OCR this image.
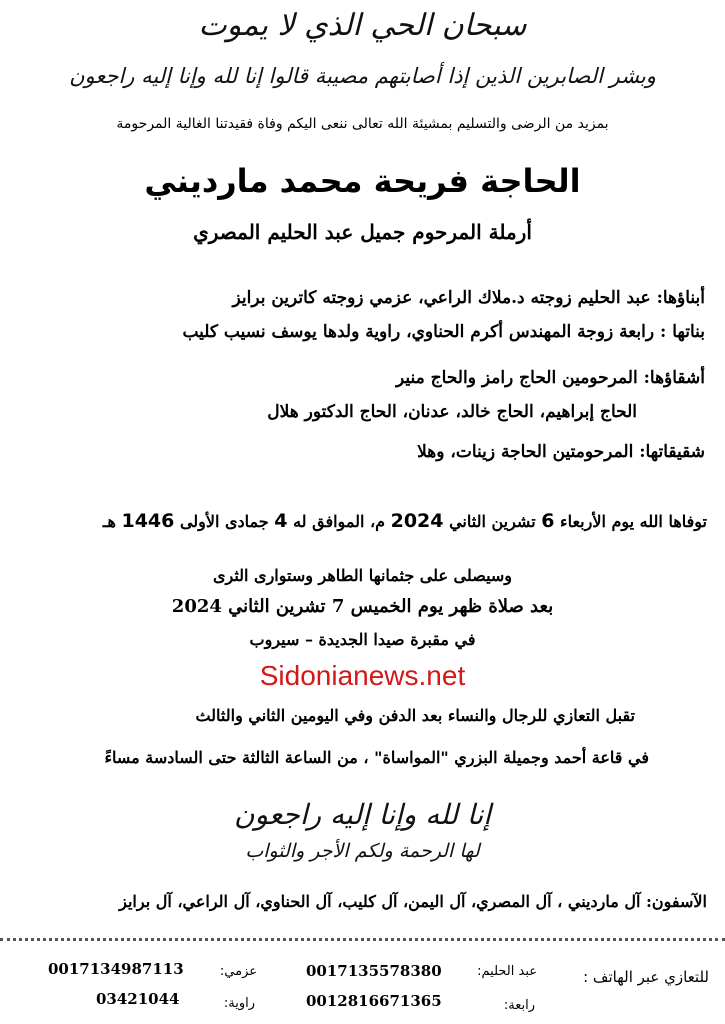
سبحان الحي الذي لا يموت
وبشر الصابرين الذين إذا أصابتهم مصيبة قالوا إنا لله وإنا إليه راجعون
بمزيد من الرضى والتسليم بمشيئة الله تعالى ننعى اليكم وفاة فقيدتنا الغالية المرحومة
الحاجة فريحة محمد مارديني
أرملة المرحوم جميل عبد الحليم المصري
أبناؤها: عبد الحليم زوجته د.ملاك الراعي، عزمي زوجته كاترين برايز
بناتها : رابعة زوجة المهندس أكرم الحناوي، راوية ولدها يوسف نسيب كليب
أشقاؤها: المرحومين الحاج رامز والحاج منير
الحاج إبراهيم، الحاج خالد، عدنان، الحاج الدكتور هلال
شقيقاتها: المرحومتين الحاجة زينات، وهلا
توفاها الله يوم الأربعاء 6 تشرين الثاني 2024 م، الموافق له 4 جمادى الأولى 1446 هـ
وسيصلى على جثمانها الطاهر وستوارى الثرى
بعد صلاة ظهر يوم الخميس 7 تشرين الثاني 2024
في مقبرة صيدا الجديدة – سيروب
Sidonianews.net
تقبل التعازي للرجال والنساء بعد الدفن وفي اليومين الثاني والثالث
في قاعة أحمد وجميلة البزري "المواساة" ، من الساعة الثالثة حتى السادسة مساءً
إنا لله وإنا إليه راجعون
لها الرحمة ولكم الأجر والثواب
الآسفون: آل مارديني ، آل المصري، آل اليمن، آل كليب، آل الحناوي، آل الراعي، آل برايز
للتعازي عبر الهاتف :
عبد الحليم:
0017135578380
رابعة:
0012816671365
عزمي:
0017134987113
راوية:
03421044
